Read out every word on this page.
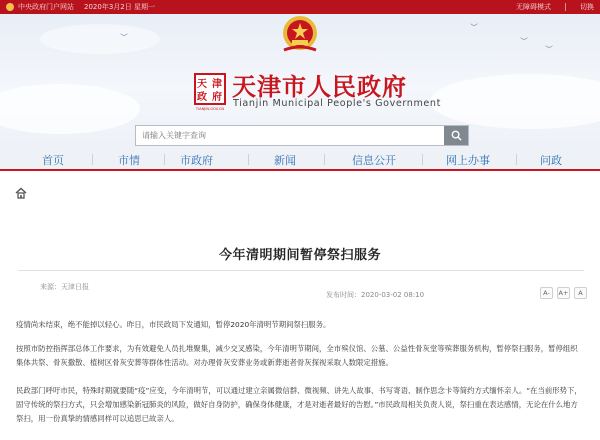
中央政府门户网站 2020年3月2日 星期一	无障碍模式	切换
︶
︶
︶
︶
天 津
政 府
TIANJIN.GOV.CN
天津市人民政府
Tianjin Municipal People's Government
请输入关键字查询
首页	市情	市政府	新闻	信息公开	网上办事	问政
今年清明期间暂停祭扫服务
来源：天津日报
发布时间：2020-03-02 08:10	A-	A+	A

疫情尚未结束，绝不能掉以轻心。昨日，市民政局下发通知，暂停2020年清明节期间祭扫服务。

按照市防控指挥部总体工作要求，为有效避免人员扎堆聚集，减少交叉感染，今年清明节期间，全市殡仪馆、公墓、公益性骨灰堂等殡葬服务机构，暂停祭扫服务，暂停组织集体共祭、骨灰撒散、植树区骨灰安葬等群体性活动。对办理骨灰安葬业务或新葬逝者骨灰探视采取人数限定措施。

民政部门呼吁市民，特殊时期就要随“疫”应变，今年清明节，可以通过建立亲属微信群、微视频、讲先人故事、书写寄语、制作思念卡等简约方式缅怀亲人。“在当前形势下，固守传统的祭扫方式，只会增加感染新冠肺炎的风险，做好自身防护，确保身体健康，才是对逝者最好的告慰。”市民政局相关负责人说，祭扫重在表达感情，无论在什么地方祭扫，用一份真挚的情感同样可以追思已故亲人。
